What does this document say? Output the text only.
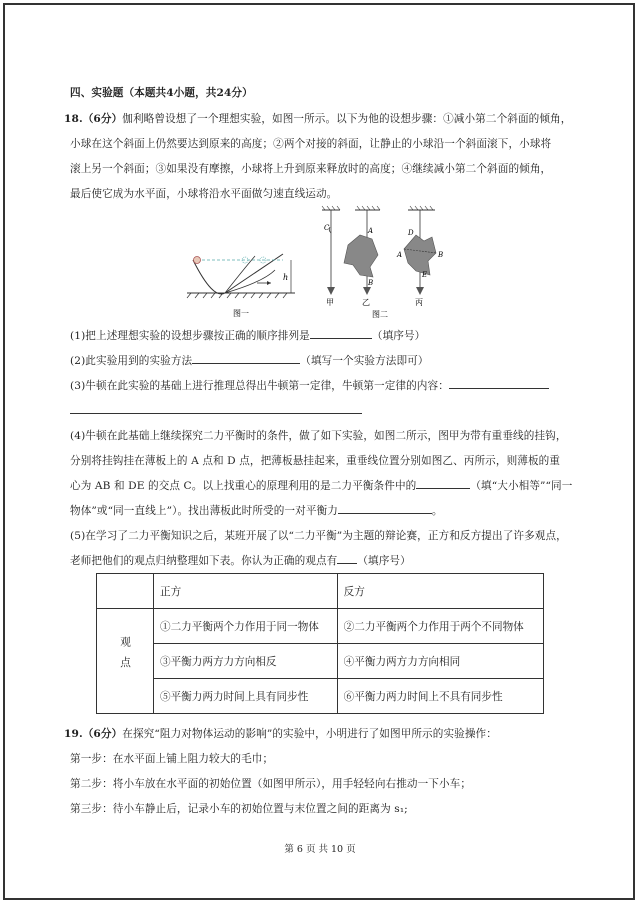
四、实验题（本题共4小题，共24分）
18.（6分）伽利略曾设想了一个理想实验，如图一所示。以下为他的设想步骤：①减小第二个斜面的倾角，
小球在这个斜面上仍然要达到原来的高度；②两个对接的斜面，让静止的小球沿一个斜面滚下，小球将
滚上另一个斜面；③如果没有摩擦，小球将上升到原来释放时的高度；④继续减小第二个斜面的倾角，
最后使它成为水平面，小球将沿水平面做匀速直线运动。
h
图一
C	A
B
D
A	B
E
甲	乙	丙
图二
(1)把上述理想实验的设想步骤按正确的顺序排列是	（填序号）
(2)此实验用到的实验方法	（填写一个实验方法即可）
(3)牛顿在此实验的基础上进行推理总得出牛顿第一定律，牛顿第一定律的内容：
(4)牛顿在此基础上继续探究二力平衡时的条件，做了如下实验，如图二所示，图甲为带有重垂线的挂钩，
分别将挂钩挂在薄板上的 A 点和 D 点，把薄板悬挂起来，重垂线位置分别如图乙、丙所示，则薄板的重
心为 AB 和 DE 的交点 C。以上找重心的原理利用的是二力平衡条件中的	（填“大小相等”“同一
物体”或“同一直线上”）。找出薄板此时所受的一对平衡力	。
(5)在学习了二力平衡知识之后，某班开展了以“二力平衡”为主题的辩论赛，正方和反方提出了许多观点，
老师把他们的观点归纳整理如下表。你认为正确的观点有 （填序号）
	正方	反方
观点	①二力平衡两个力作用于同一物体	②二力平衡两个力作用于两个不同物体
	③平衡力两方力方向相反	④平衡力两方力方向相同
	⑤平衡力两力时间上具有同步性	⑥平衡力两力时间上不具有同步性
19.（6分）在探究“阻力对物体运动的影响”的实验中，小明进行了如图甲所示的实验操作：
第一步：在水平面上铺上阻力较大的毛巾；
第二步：将小车放在水平面的初始位置（如图甲所示），用手轻轻向右推动一下小车；
第三步：待小车静止后，记录小车的初始位置与末位置之间的距离为 s₁;
第 6 页 共 10 页
